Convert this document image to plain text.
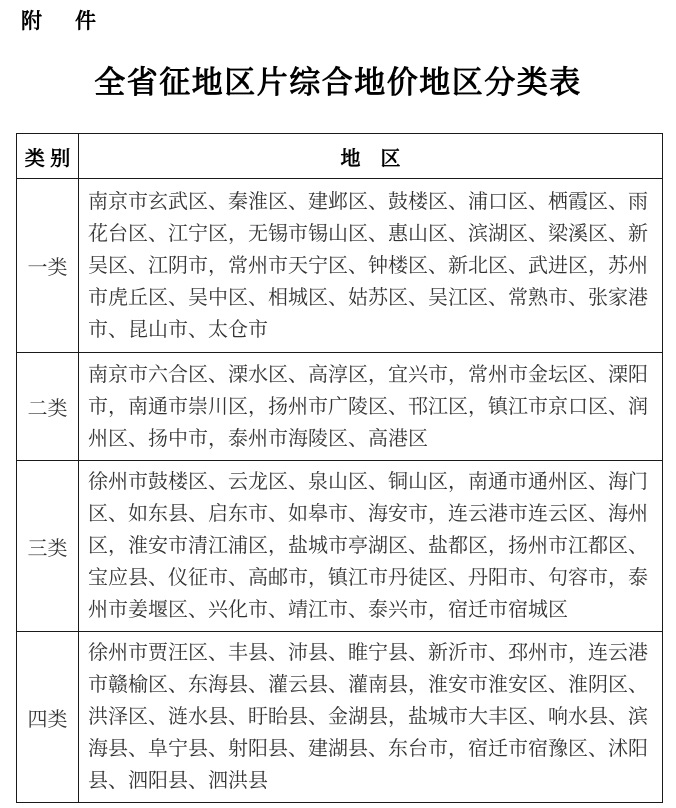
附　件
全省征地区片综合地价地区分类表
类 别	地　区
一类	南京市玄武区、秦淮区、建邺区、鼓楼区、浦口区、栖霞区、雨花台区、江宁区，无锡市锡山区、惠山区、滨湖区、梁溪区、新吴区、江阴市，常州市天宁区、钟楼区、新北区、武进区，苏州市虎丘区、吴中区、相城区、姑苏区、吴江区、常熟市、张家港市、昆山市、太仓市
二类	南京市六合区、溧水区、高淳区，宜兴市，常州市金坛区、溧阳市，南通市崇川区，扬州市广陵区、邗江区，镇江市京口区、润州区、扬中市，泰州市海陵区、高港区
三类	徐州市鼓楼区、云龙区、泉山区、铜山区，南通市通州区、海门区、如东县、启东市、如皋市、海安市，连云港市连云区、海州区，淮安市清江浦区，盐城市亭湖区、盐都区，扬州市江都区、宝应县、仪征市、高邮市，镇江市丹徒区、丹阳市、句容市，泰州市姜堰区、兴化市、靖江市、泰兴市，宿迁市宿城区
四类	徐州市贾汪区、丰县、沛县、睢宁县、新沂市、邳州市，连云港市赣榆区、东海县、灌云县、灌南县，淮安市淮安区、淮阴区、洪泽区、涟水县、盱眙县、金湖县，盐城市大丰区、响水县、滨海县、阜宁县、射阳县、建湖县、东台市，宿迁市宿豫区、沭阳县、泗阳县、泗洪县
